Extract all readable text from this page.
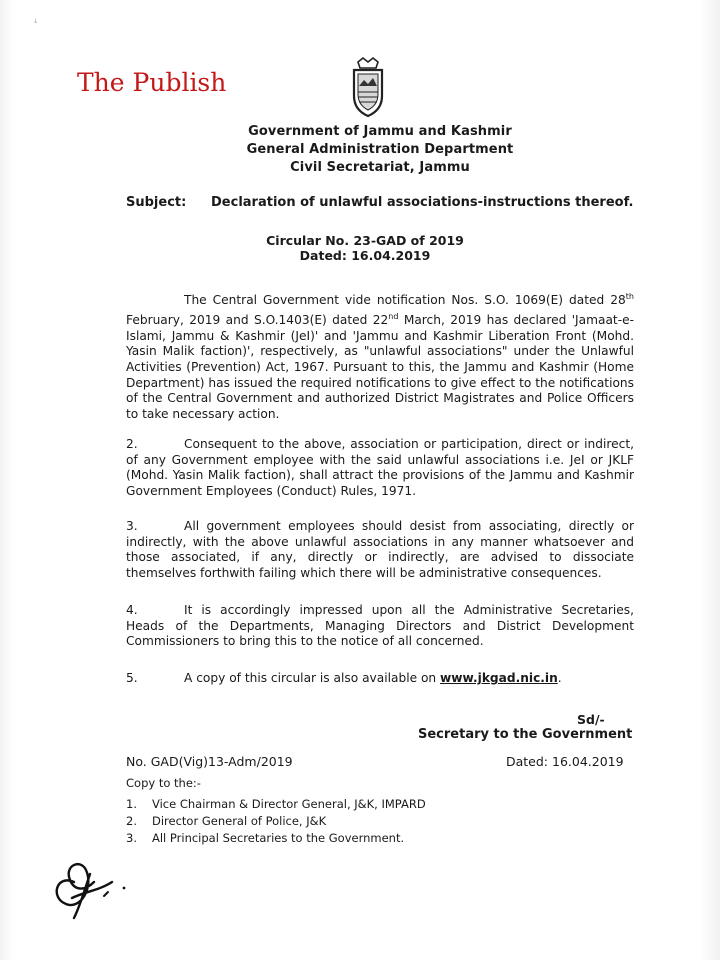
↓
The Publish
Government of Jammu and Kashmir
General Administration Department
Civil Secretariat, Jammu
Subject: Declaration of unlawful associations-instructions thereof.
Circular No. 23-GAD of 2019
Dated: 16.04.2019
The Central Government vide notification Nos. S.O. 1069(E) dated 28th February, 2019 and S.O.1403(E) dated 22nd March, 2019 has declared 'Jamaat-e-Islami, Jammu & Kashmir (JeI)' and 'Jammu and Kashmir Liberation Front (Mohd. Yasin Malik faction)', respectively, as "unlawful associations" under the Unlawful Activities (Prevention) Act, 1967. Pursuant to this, the Jammu and Kashmir (Home Department) has issued the required notifications to give effect to the notifications of the Central Government and authorized District Magistrates and Police Officers to take necessary action.
2.	Consequent to the above, association or participation, direct or indirect, of any Government employee with the said unlawful associations i.e. JeI or JKLF (Mohd. Yasin Malik faction), shall attract the provisions of the Jammu and Kashmir Government Employees (Conduct) Rules, 1971.
3.	All government employees should desist from associating, directly or indirectly, with the above unlawful associations in any manner whatsoever and those associated, if any, directly or indirectly, are advised to dissociate themselves forthwith failing which there will be administrative consequences.
4.	It is accordingly impressed upon all the Administrative Secretaries, Heads of the Departments, Managing Directors and District Development Commissioners to bring this to the notice of all concerned.
5.	A copy of this circular is also available on www.jkgad.nic.in.
Sd/-
Secretary to the Government
No. GAD(Vig)13-Adm/2019	Dated: 16.04.2019
Copy to the:-
1. Vice Chairman & Director General, J&K, IMPARD
2. Director General of Police, J&K
3. All Principal Secretaries to the Government.
